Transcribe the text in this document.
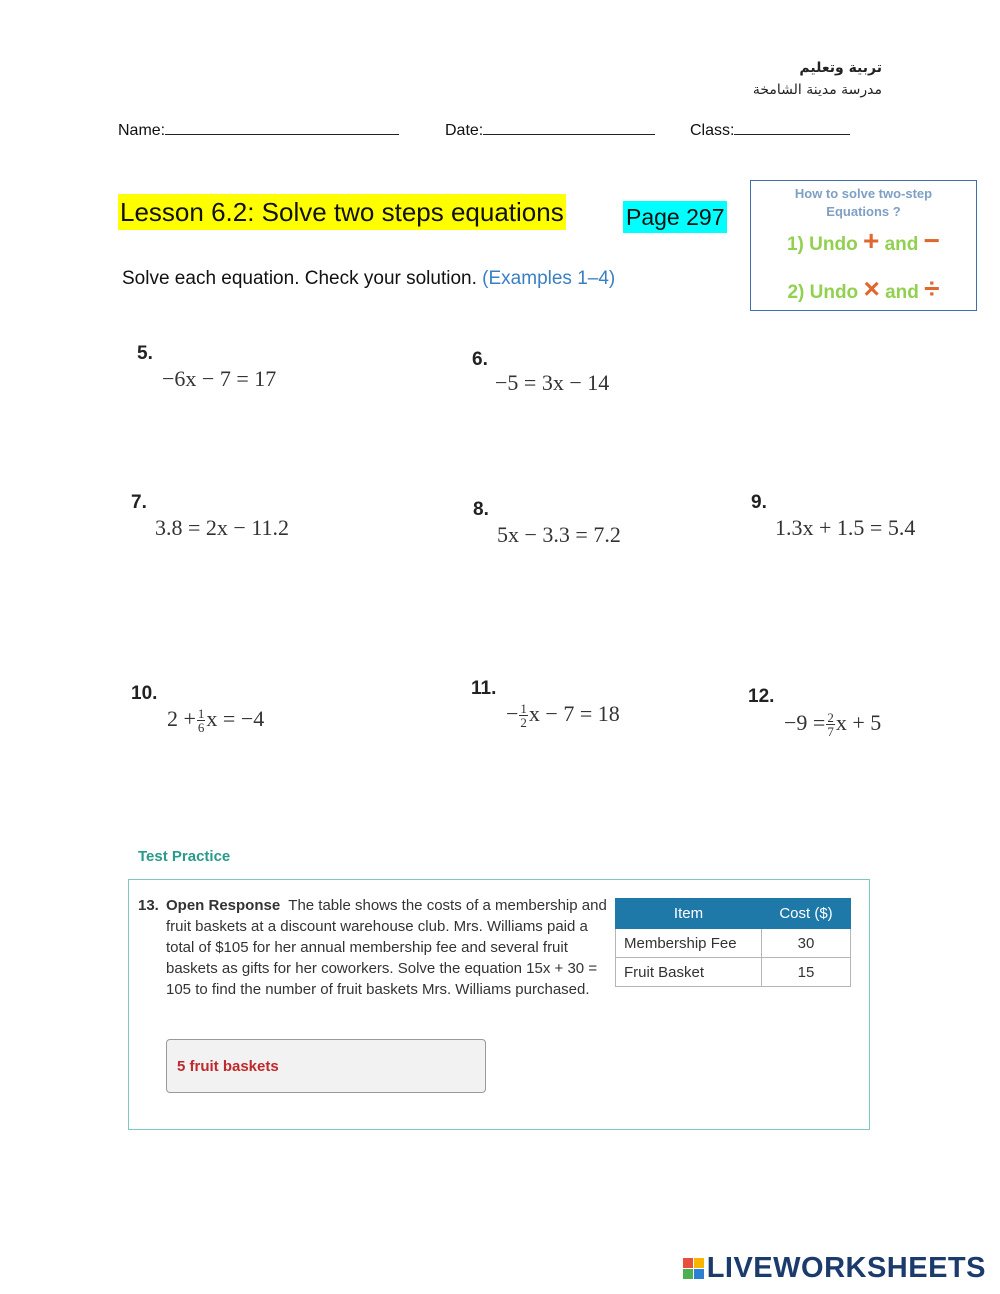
تربية وتعليم
مدرسة مدينة الشامخة
Name:	Date:	Class:
Lesson 6.2: Solve two steps equations	Page 297
How to solve two-step
Equations ?
1) Undo + and −
2) Undo × and ÷
Solve each equation. Check your solution. (Examples 1–4)
5.
−6x − 7 = 17
6.
−5 = 3x − 14
7.
3.8 = 2x − 11.2
8.
5x − 3.3 = 7.2
9.
1.3x + 1.5 = 5.4
10.
$2 + \frac{1}{6}$ x = −4
11.
− $\frac{1}{2}$ x − 7 = 18
12.
$-9 = \frac{2}{7}$ x + 5
Test Practice
13. Open Response The table shows the costs of a membership and fruit baskets at a discount warehouse club. Mrs. Williams paid a total of $105 for her annual membership fee and several fruit baskets as gifts for her coworkers. Solve the equation 15x + 30 = 105 to find the number of fruit baskets Mrs. Williams purchased.
5 fruit baskets
Item	Cost ($)
Membership Fee	30
Fruit Basket	15
LIVEWORKSHEETS
